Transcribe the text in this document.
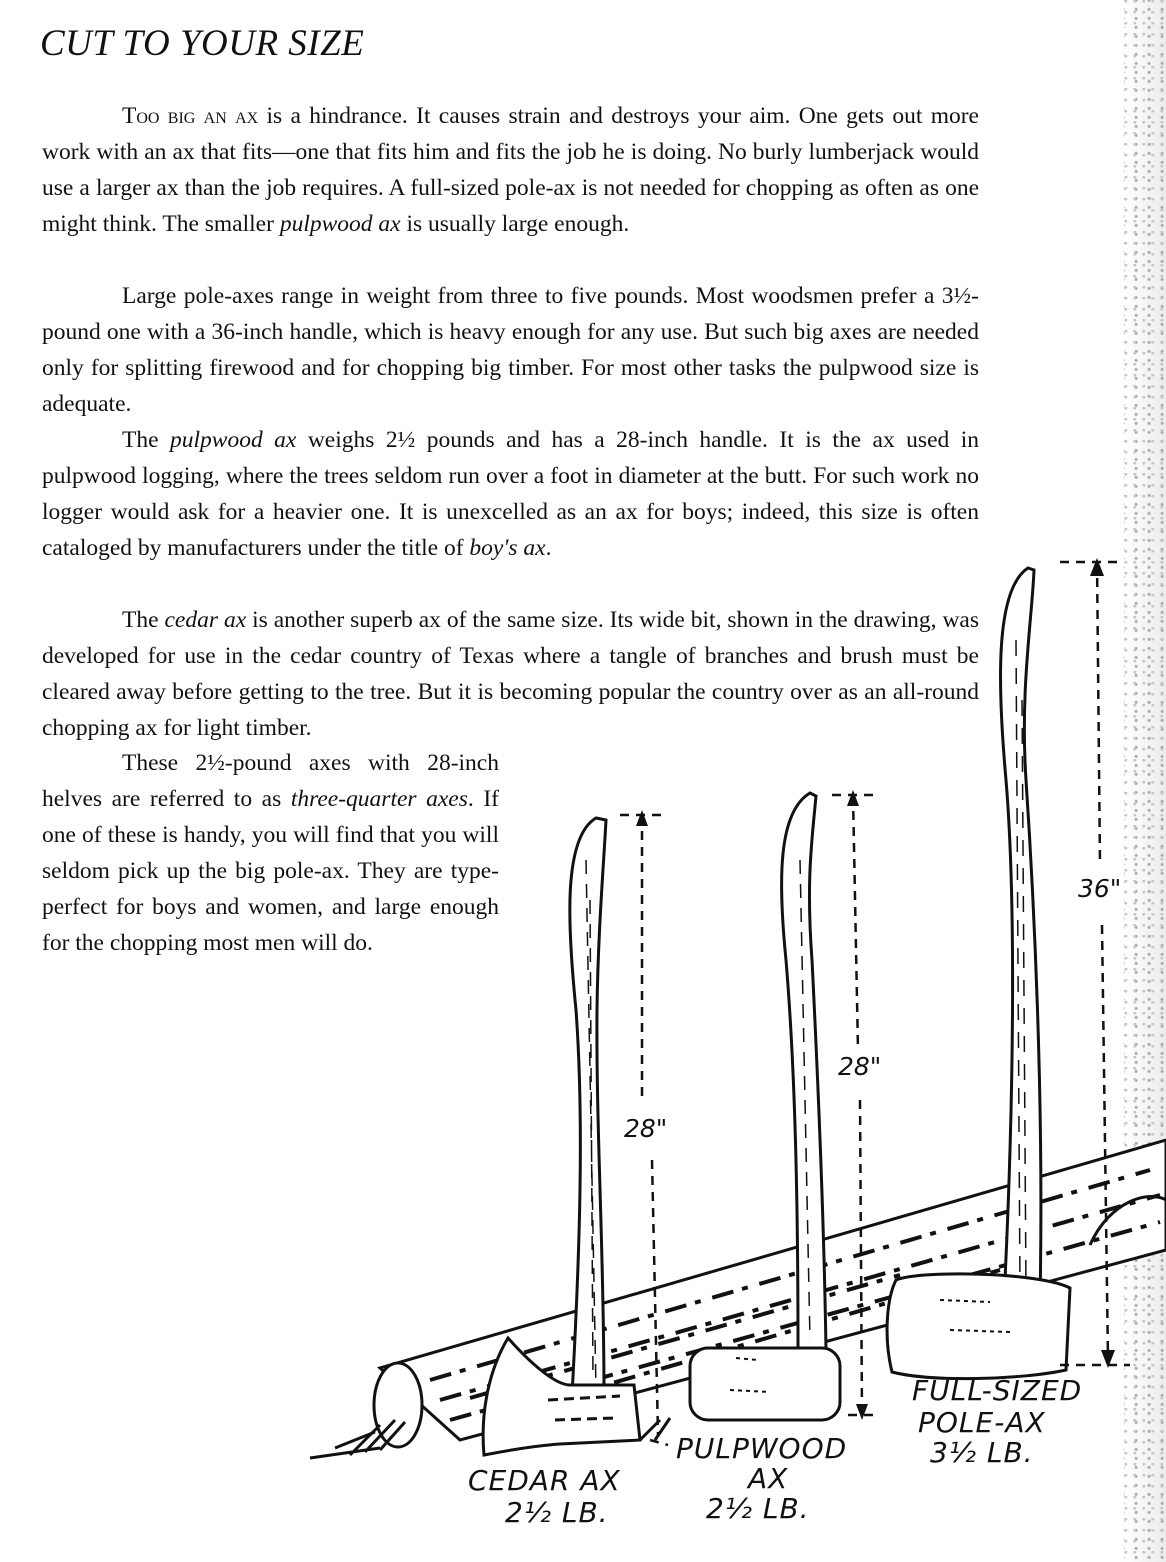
CUT TO YOUR SIZE

Too big an ax is a hindrance. It causes strain and destroys your aim. One gets out more work with an ax that fits—one that fits him and fits the job he is doing. No burly lumberjack would use a larger ax than the job requires. A full-sized pole-ax is not needed for chopping as often as one might think. The smaller pulpwood ax is usually large enough.

Large pole-axes range in weight from three to five pounds. Most woodsmen prefer a 3½-pound one with a 36-inch handle, which is heavy enough for any use. But such big axes are needed only for splitting firewood and for chopping big timber. For most other tasks the pulpwood size is adequate.

The pulpwood ax weighs 2½ pounds and has a 28-inch handle. It is the ax used in pulpwood logging, where the trees seldom run over a foot in diameter at the butt. For such work no logger would ask for a heavier one. It is unexcelled as an ax for boys; indeed, this size is often cataloged by manufacturers under the title of boy's ax.

The cedar ax is another superb ax of the same size. Its wide bit, shown in the drawing, was developed for use in the cedar country of Texas where a tangle of branches and brush must be cleared away before getting to the tree. But it is becoming popular the country over as an all-round chopping ax for light timber.

These 2½-pound axes with 28-inch helves are referred to as three-quarter axes. If one of these is handy, you will find that you will seldom pick up the big pole-ax. They are type-perfect for boys and women, and large enough for the chopping most men will do.

28"
28"
36"
CEDAR AX
2½ LB.
PULPWOOD
AX
2½ LB.
FULL-SIZED
POLE-AX
3½ LB.
